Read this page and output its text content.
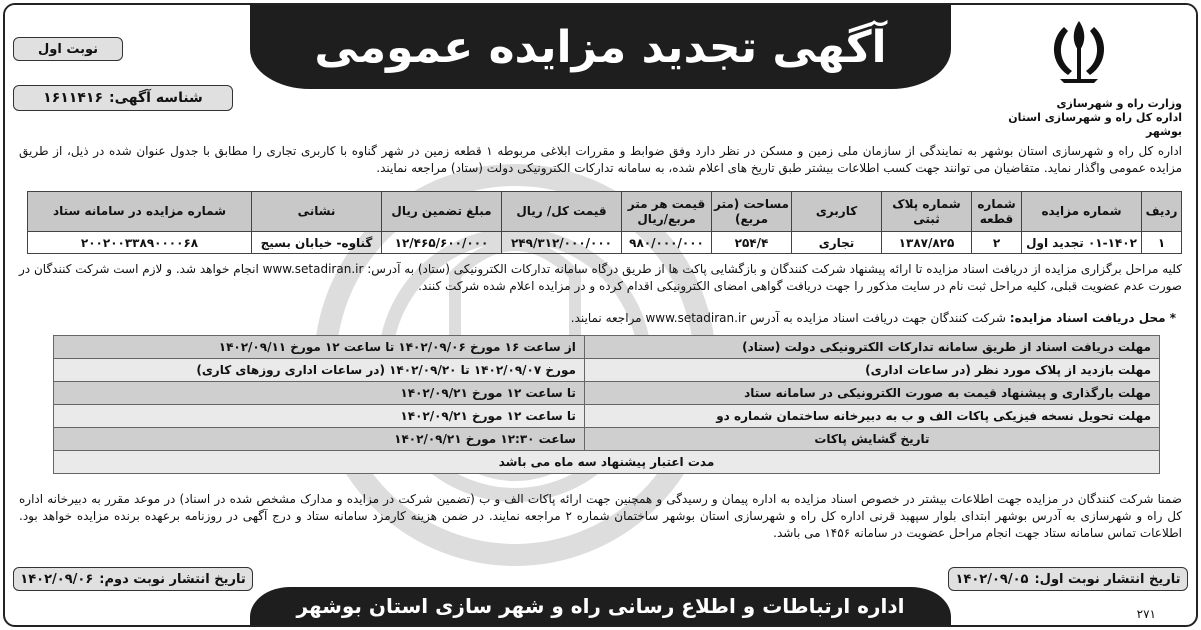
آگهی تجدید مزایده عمومی
وزارت راه و شهرسازی
اداره کل راه و شهرسازی استان بوشهر
نوبت اول
شناسه آگهی:
۱۶۱۱۴۱۶

اداره کل راه و شهرسازی استان بوشهر به نمایندگی از سازمان ملی زمین و مسکن در نظر دارد وفق ضوابط و مقررات ابلاغی مربوطه ۱ قطعه زمین در شهر گناوه با کاربری تجاری را مطابق با جدول عنوان شده در ذیل، از طریق مزایده عمومی واگذار نماید. متقاضیان می توانند جهت کسب اطلاعات بیشتر طبق تاریخ های اعلام شده، به سامانه تدارکات الکترونیکی دولت (ستاد) مراجعه نمایند.

ردیف	شماره مزایده	شماره قطعه	شماره پلاک ثبتی	کاربری	مساحت (متر مربع)	قیمت هر متر مربع/ریال	قیمت کل/ ریال	مبلغ تضمین ریال	نشانی	شماره مزایده در سامانه ستاد
۱	۰۱-۱۴۰۲ تجدید اول	۲	۱۳۸۷/۸۲۵	تجاری	۲۵۴/۴	۹۸۰/۰۰۰/۰۰۰	۲۴۹/۳۱۲/۰۰۰/۰۰۰	۱۲/۴۶۵/۶۰۰/۰۰۰	گناوه- خیابان بسیج	۲۰۰۲۰۰۳۳۸۹۰۰۰۰۶۸

کلیه مراحل برگزاری مزایده از دریافت اسناد مزایده تا ارائه پیشنهاد شرکت کنندگان و بازگشایی پاکت ها از طریق درگاه سامانه تدارکات الکترونیکی (ستاد) به آدرس: www.setadiran.ir انجام خواهد شد. و لازم است شرکت کنندگان در صورت عدم عضویت قبلی، کلیه مراحل ثبت نام در سایت مذکور را جهت دریافت گواهی امضای الکترونیکی اقدام کرده و در مزایده اعلام شده شرکت کنند.

* محل دریافت اسناد مزایده: شرکت کنندگان جهت دریافت اسناد مزایده به آدرس www.setadiran.ir مراجعه نمایند.
مهلت دریافت اسناد از طریق سامانه تدارکات الکترونیکی دولت (ستاد)	از ساعت ۱۶ مورخ ۱۴۰۲/۰۹/۰۶ تا ساعت ۱۲ مورخ ۱۴۰۲/۰۹/۱۱
مهلت بازدید از پلاک مورد نظر (در ساعات اداری)	مورخ ۱۴۰۲/۰۹/۰۷ تا ۱۴۰۲/۰۹/۲۰ (در ساعات اداری روزهای کاری)
مهلت بارگذاری و پیشنهاد قیمت به صورت الکترونیکی در سامانه ستاد	تا ساعت ۱۲ مورخ ۱۴۰۲/۰۹/۲۱
مهلت تحویل نسخه فیزیکی پاکات الف و ب به دبیرخانه ساختمان شماره دو	تا ساعت ۱۲ مورخ ۱۴۰۲/۰۹/۲۱
تاریخ گشایش پاکات	ساعت ۱۲:۳۰ مورخ ۱۴۰۲/۰۹/۲۱
مدت اعتبار پیشنهاد سه ماه می باشد	

ضمنا شرکت کنندگان در مزایده جهت اطلاعات بیشتر در خصوص اسناد مزایده به اداره پیمان و رسیدگی و همچنین جهت ارائه پاکات الف و ب (تضمین شرکت در مزایده و مدارک مشخص شده در اسناد) در موعد مقرر به دبیرخانه اداره کل راه و شهرسازی به آدرس بوشهر ابتدای بلوار سپهبد قرنی اداره کل راه و شهرسازی استان بوشهر ساختمان شماره ۲ مراجعه نمایند. در ضمن هزینه کارمزد سامانه ستاد و درج آگهی در روزنامه برعهده برنده مزایده خواهد بود. اطلاعات تماس سامانه ستاد جهت انجام مراحل عضویت در سامانه ۱۴۵۶ می باشد.

تاریخ انتشار نوبت اول:
۱۴۰۲/۰۹/۰۵
تاریخ انتشار نوبت دوم:
۱۴۰۲/۰۹/۰۶
اداره ارتباطات و اطلاع رسانی راه و شهر سازی استان بوشهر	۲۷۱
